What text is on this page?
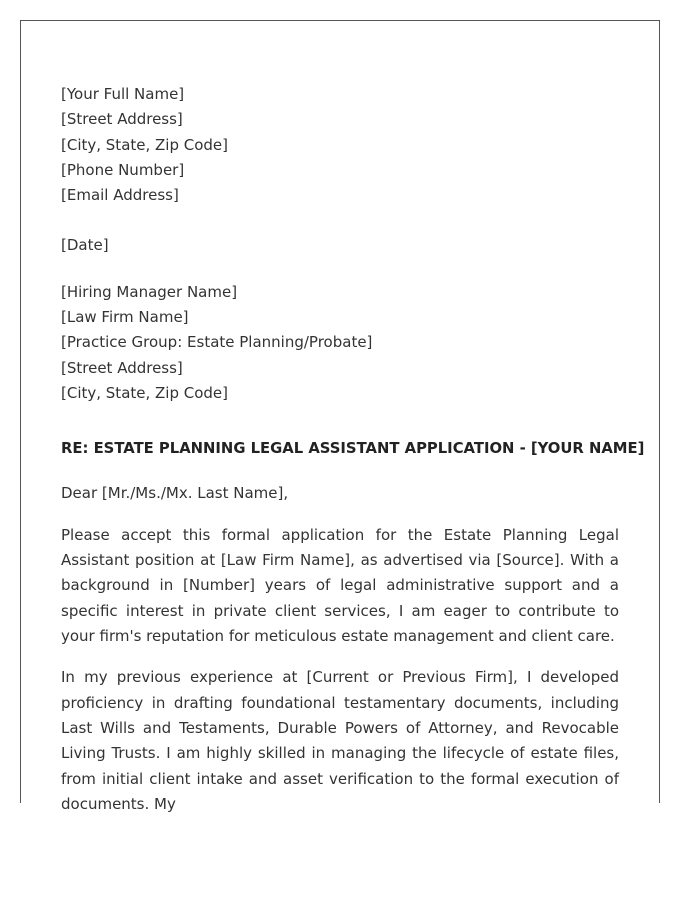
[Your Full Name]
[Street Address]
[City, State, Zip Code]
[Phone Number]
[Email Address]
[Date]
[Hiring Manager Name]
[Law Firm Name]
[Practice Group: Estate Planning/Probate]
[Street Address]
[City, State, Zip Code]
RE: ESTATE PLANNING LEGAL ASSISTANT APPLICATION - [YOUR NAME]
Dear [Mr./Ms./Mx. Last Name],

Please accept this formal application for the Estate Planning Legal Assistant position at [Law Firm Name], as advertised via [Source]. With a background in [Number] years of legal administrative support and a specific interest in private client services, I am eager to contribute to your firm's reputation for meticulous estate management and client care.

In my previous experience at [Current or Previous Firm], I developed proficiency in drafting foundational testamentary documents, including Last Wills and Testaments, Durable Powers of Attorney, and Revocable Living Trusts. I am highly skilled in managing the lifecycle of estate files, from initial client intake and asset verification to the formal execution of documents. My
